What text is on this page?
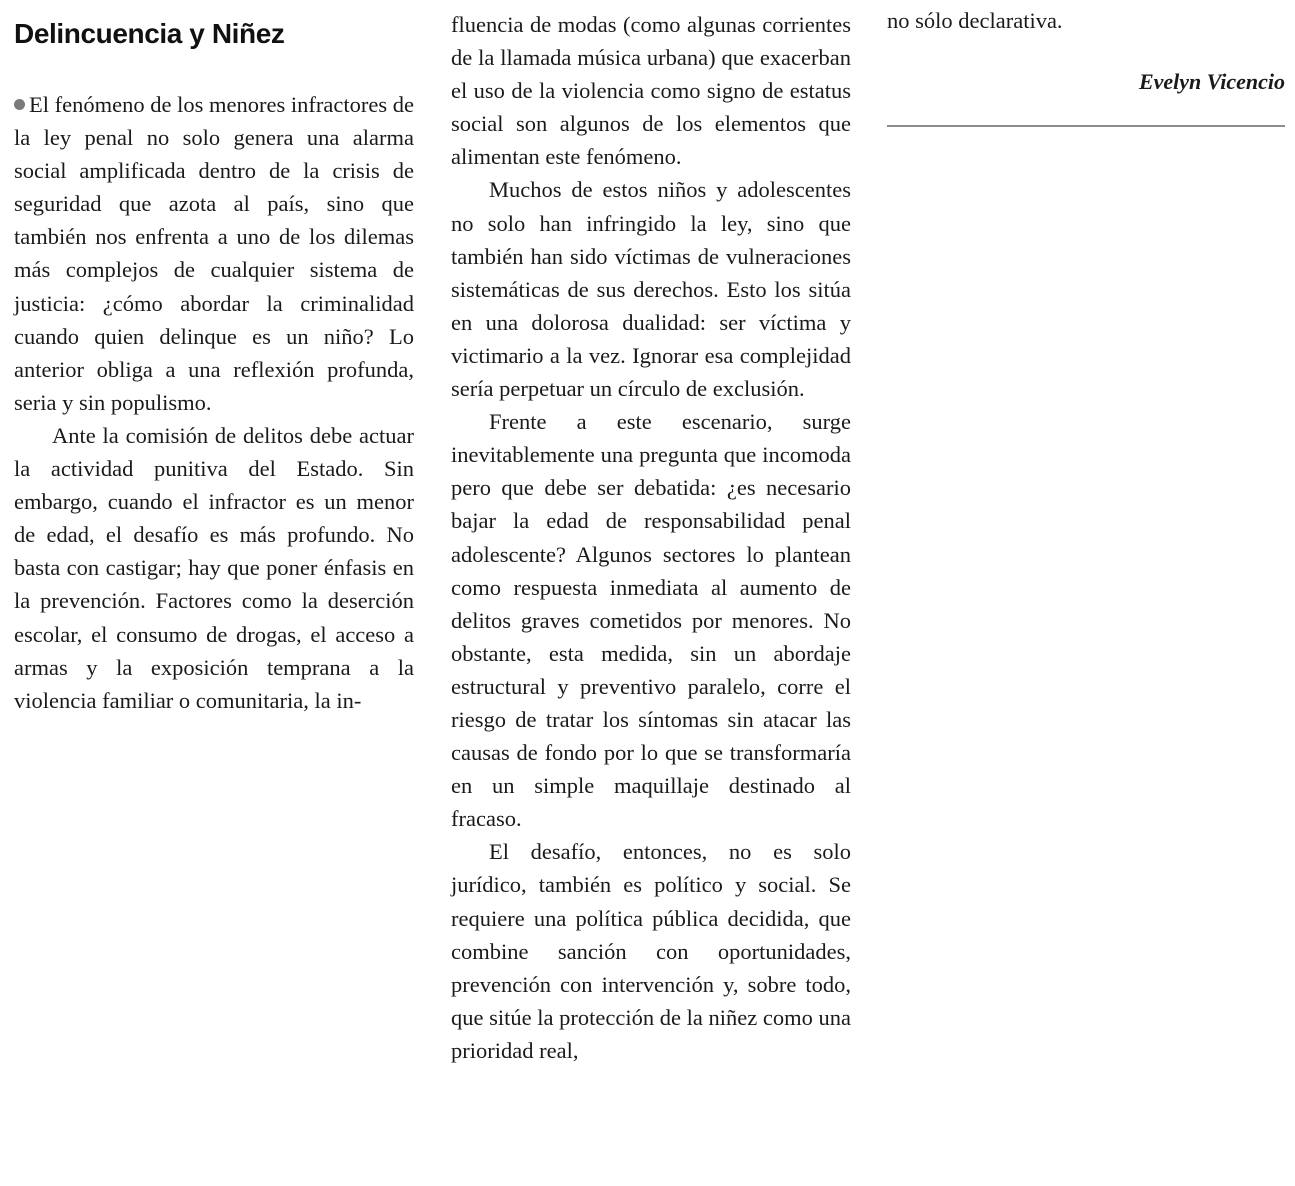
Delincuencia y Niñez

El fenómeno de los menores infractores de la ley penal no solo genera una alarma social amplificada dentro de la crisis de seguridad que azota al país, sino que también nos enfrenta a uno de los dilemas más complejos de cualquier sistema de justicia: ¿cómo abordar la criminalidad cuando quien delinque es un niño? Lo anterior obliga a una reflexión profunda, seria y sin populismo.

Ante la comisión de delitos debe actuar la actividad punitiva del Estado. Sin embargo, cuando el infractor es un menor de edad, el desafío es más profundo. No basta con castigar; hay que poner énfasis en la prevención. Factores como la deserción escolar, el consumo de drogas, el acceso a armas y la exposición temprana a la violencia familiar o comunitaria, la in-

fluencia de modas (como algunas corrientes de la llamada música urbana) que exacerban el uso de la violencia como signo de estatus social son algunos de los elementos que alimentan este fenómeno.

Muchos de estos niños y adolescentes no solo han infringido la ley, sino que también han sido víctimas de vulneraciones sistemáticas de sus derechos. Esto los sitúa en una dolorosa dualidad: ser víctima y victimario a la vez. Ignorar esa complejidad sería perpetuar un círculo de exclusión.

Frente a este escenario, surge inevitablemente una pregunta que incomoda pero que debe ser debatida: ¿es necesario bajar la edad de responsabilidad penal adolescente? Algunos sectores lo plantean como respuesta inmediata al aumento de delitos graves cometidos por menores. No obstante, esta medida, sin un abordaje estructural y preventivo paralelo, corre el riesgo de tratar los síntomas sin atacar las causas de fondo por lo que se transformaría en un simple maquillaje destinado al fracaso.

El desafío, entonces, no es solo jurídico, también es político y social. Se requiere una política pública decidida, que combine sanción con oportunidades, prevención con intervención y, sobre todo, que sitúe la protección de la niñez como una prioridad real,

no sólo declarativa.

Evelyn Vicencio
